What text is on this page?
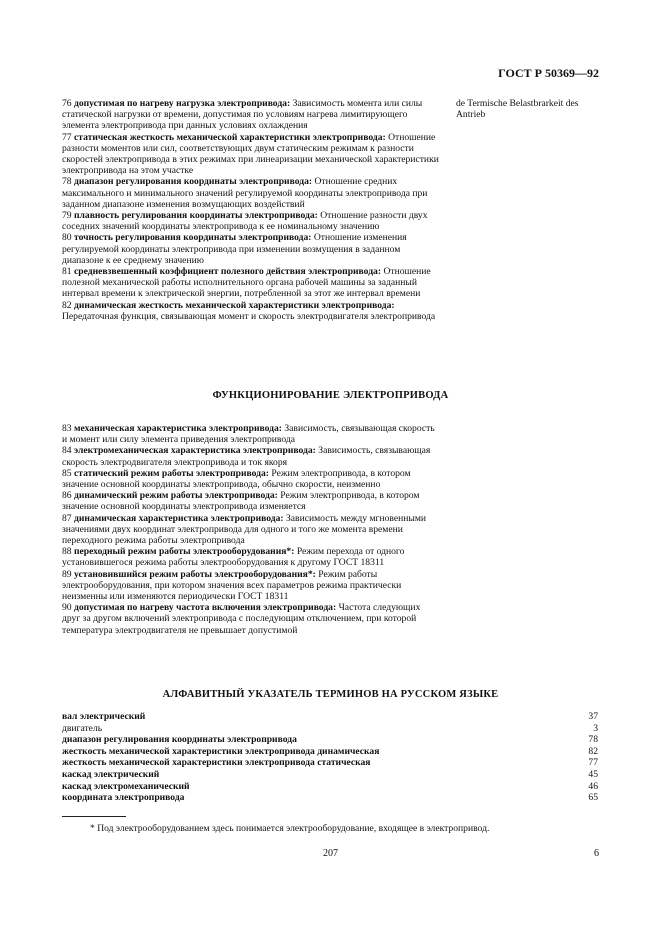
ГОСТ Р 50369—92

76 допустимая по нагреву нагрузка электропривода: Зависимость момента или силы статической нагрузки от времени, допустимая по условиям нагрева лимитирующего элемента электропривода при данных условиях охлаждения

77 статическая жесткость механической характеристики электропривода: Отношение разности моментов или сил, соответствующих двум статическим режимам к разности скоростей электропривода в этих режимах при линеаризации механической характеристики электропривода на этом участке

78 диапазон регулирования координаты электропривода: Отношение средних максимального и минимального значений регулируемой координаты электропривода при заданном диапазоне изменения возмущающих воздействий

79 плавность регулирования координаты электропривода: Отношение разности двух соседних значений координаты электропривода к ее номинальному значению

80 точность регулирования координаты электропривода: Отношение изменения регулируемой координаты электропривода при изменении возмущения в заданном диапазоне к ее среднему значению

81 средневзвешенный коэффициент полезного действия электропривода: Отношение полезной механической работы исполнительного органа рабочей машины за заданный интервал времени к электрической энергии, потребленной за этот же интервал времени

82 динамическая жесткость механической характеристики электропривода: Передаточная функция, связывающая момент и скорость электродвигателя электропривода

de Termische Belastbrarkeit des Antrieb
ФУНКЦИОНИРОВАНИЕ ЭЛЕКТРОПРИВОДА

83 механическая характеристика электропривода: Зависимость, связывающая скорость и момент или силу элемента приведения электропривода

84 электромеханическая характеристика электропривода: Зависимость, связывающая скорость электродвигателя электропривода и ток якоря

85 статический режим работы электропривода: Режим электропривода, в котором значение основной координаты электропривода, обычно скорости, неизменно

86 динамический режим работы электропривода: Режим электропривода, в котором значение основной координаты электропривода изменяется

87 динамическая характеристика электропривода: Зависимость между мгновенными значениями двух координат электропривода для одного и того же момента времени переходного режима работы электропривода

88 переходный режим работы электрооборудования*: Режим перехода от одного установившегося режима работы электрооборудования к другому ГОСТ 18311

89 установившийся режим работы электрооборудования*: Режим работы электрооборудования, при котором значения всех параметров режима практически неизменны или изменяются периодически ГОСТ 18311

90 допустимая по нагреву частота включения электропривода: Частота следующих друг за другом включений электропривода с последующим отключением, при которой температура электродвигателя не превышает допустимой

АЛФАВИТНЫЙ УКАЗАТЕЛЬ ТЕРМИНОВ НА РУССКОМ ЯЗЫКЕ
вал электрический	37
двигатель	3
диапазон регулирования координаты электропривода	78
жесткость механической характеристики электропривода динамическая	82
жесткость механической характеристики электропривода статическая	77
каскад электрический	45
каскад электромеханический	46
координата электропривода	65
* Под электрооборудованием здесь понимается электрооборудование, входящее в электропривод.
207	6
